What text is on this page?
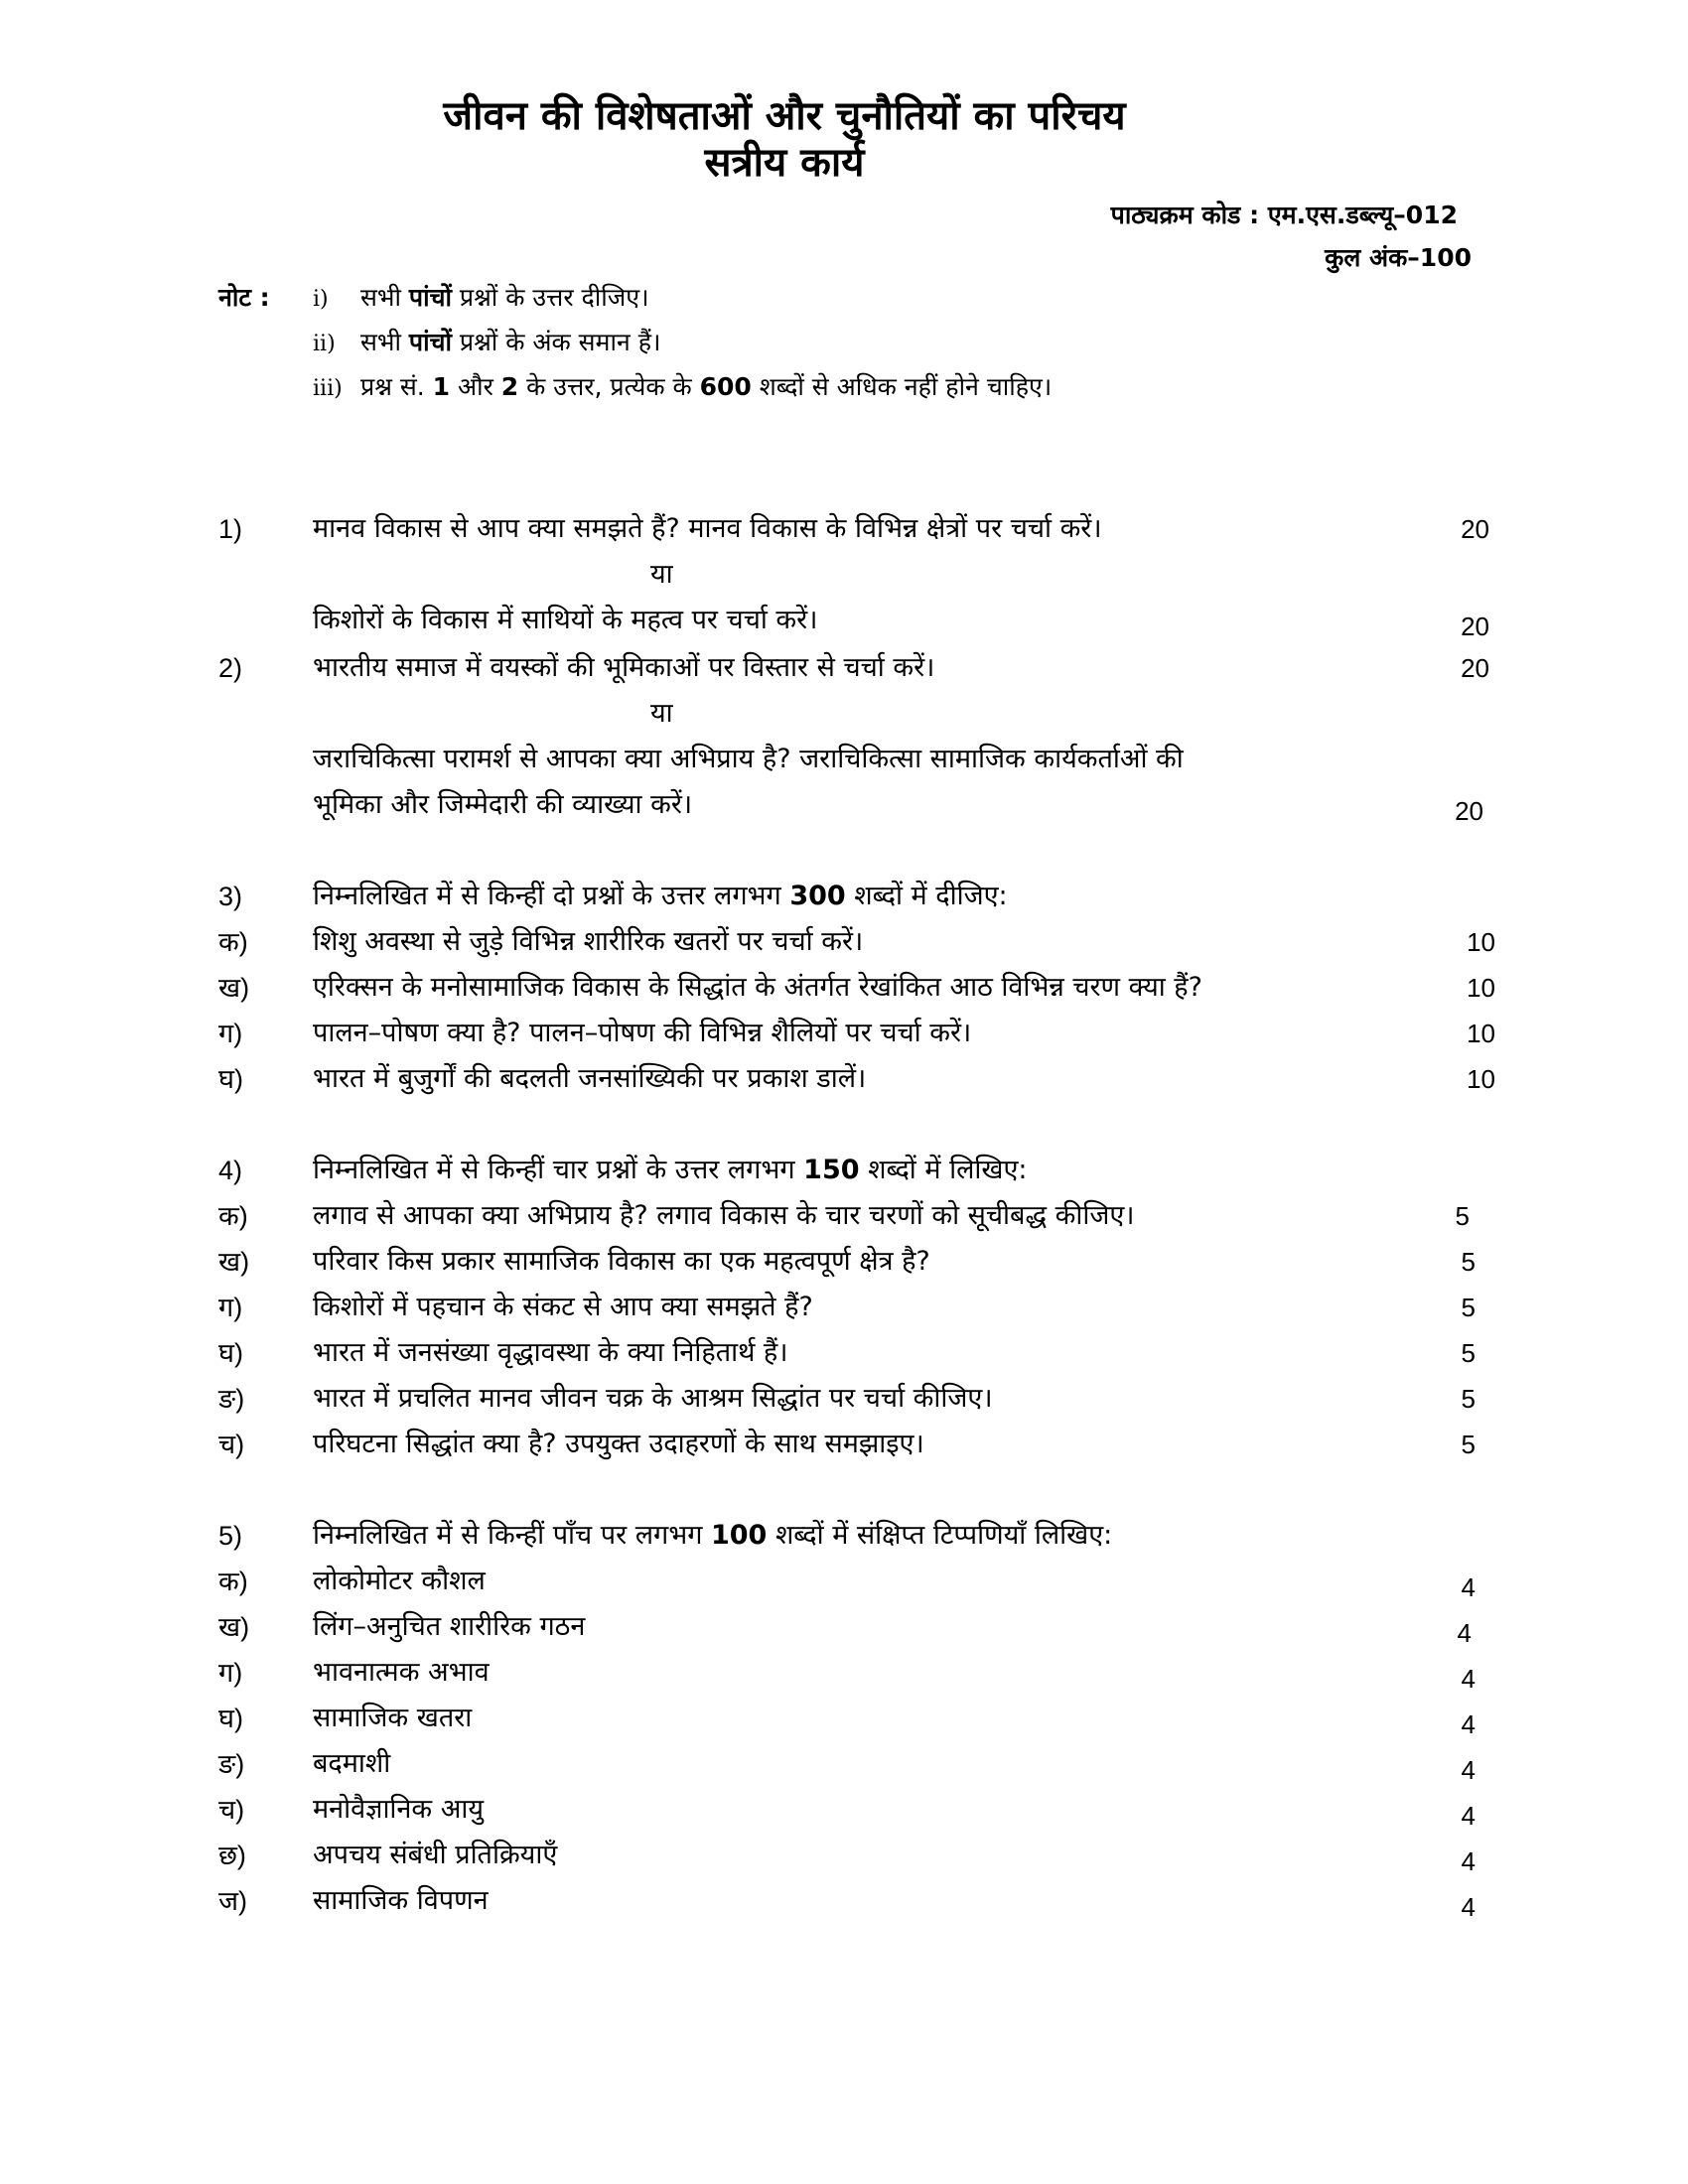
जीवन की विशेषताओं और चुनौतियों का परिचय
सत्रीय कार्य
पाठ्यक्रम कोड : एम.एस.डब्ल्यू–012
कुल अंक–100
नोट : i) सभी पांचों प्रश्नों के उत्तर दीजिए।
ii) सभी पांचों प्रश्नों के अंक समान हैं।
iii) प्रश्न सं. 1 और 2 के उत्तर, प्रत्येक के 600 शब्दों से अधिक नहीं होने चाहिए।
1)	मानव विकास से आप क्या समझते हैं? मानव विकास के विभिन्न क्षेत्रों पर चर्चा करें।	20
या
किशोरों के विकास में साथियों के महत्व पर चर्चा करें।	20
2)	भारतीय समाज में वयस्कों की भूमिकाओं पर विस्तार से चर्चा करें।	20
या
जराचिकित्सा परामर्श से आपका क्या अभिप्राय है? जराचिकित्सा सामाजिक कार्यकर्ताओं की
भूमिका और जिम्मेदारी की व्याख्या करें।	20
3)	निम्नलिखित में से किन्हीं दो प्रश्नों के उत्तर लगभग 300 शब्दों में दीजिए:
क)	शिशु अवस्था से जुड़े विभिन्न शारीरिक खतरों पर चर्चा करें।	10
ख)	एरिक्सन के मनोसामाजिक विकास के सिद्धांत के अंतर्गत रेखांकित आठ विभिन्न चरण क्या हैं?	10
ग)	पालन–पोषण क्या है? पालन–पोषण की विभिन्न शैलियों पर चर्चा करें।	10
घ)	भारत में बुजुर्गों की बदलती जनसांख्यिकी पर प्रकाश डालें।	10
4)	निम्नलिखित में से किन्हीं चार प्रश्नों के उत्तर लगभग 150 शब्दों में लिखिए:
क)	लगाव से आपका क्या अभिप्राय है? लगाव विकास के चार चरणों को सूचीबद्ध कीजिए।	5
ख)	परिवार किस प्रकार सामाजिक विकास का एक महत्वपूर्ण क्षेत्र है?	5
ग)	किशोरों में पहचान के संकट से आप क्या समझते हैं?	5
घ)	भारत में जनसंख्या वृद्धावस्था के क्या निहितार्थ हैं।	5
ङ)	भारत में प्रचलित मानव जीवन चक्र के आश्रम सिद्धांत पर चर्चा कीजिए।	5
च)	परिघटना सिद्धांत क्या है? उपयुक्त उदाहरणों के साथ समझाइए।	5
5)	निम्नलिखित में से किन्हीं पाँच पर लगभग 100 शब्दों में संक्षिप्त टिप्पणियाँ लिखिए:
क)	लोकोमोटर कौशल	4
ख)	लिंग–अनुचित शारीरिक गठन	4
ग)	भावनात्मक अभाव	4
घ)	सामाजिक खतरा	4
ङ)	बदमाशी	4
च)	मनोवैज्ञानिक आयु	4
छ)	अपचय संबंधी प्रतिक्रियाएँ	4
ज)	सामाजिक विपणन	4
